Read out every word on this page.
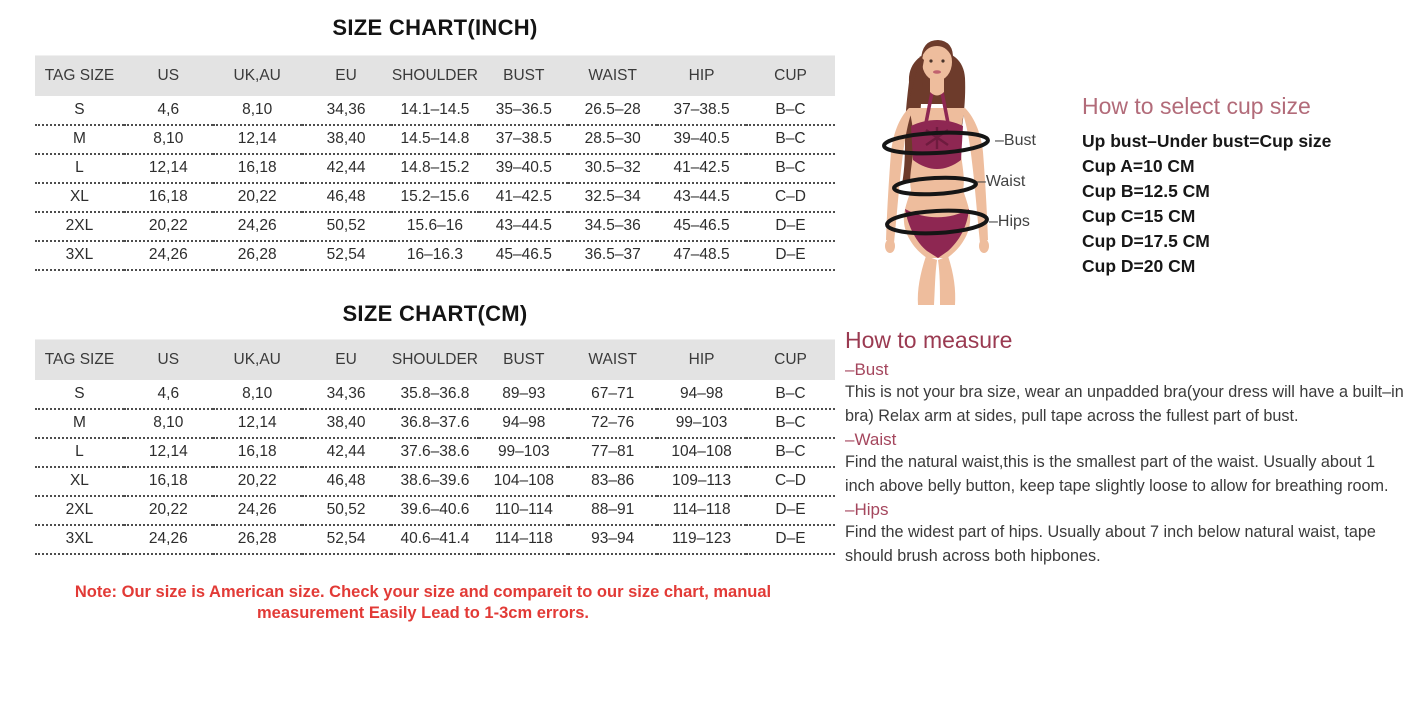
SIZE CHART(INCH)
TAG SIZE	US	UK,AU	EU	SHOULDER	BUST	WAIST	HIP	CUP
S	4,6	8,10	34,36	14.1–14.5	35–36.5	26.5–28	37–38.5	B–C
M	8,10	12,14	38,40	14.5–14.8	37–38.5	28.5–30	39–40.5	B–C
L	12,14	16,18	42,44	14.8–15.2	39–40.5	30.5–32	41–42.5	B–C
XL	16,18	20,22	46,48	15.2–15.6	41–42.5	32.5–34	43–44.5	C–D
2XL	20,22	24,26	50,52	15.6–16	43–44.5	34.5–36	45–46.5	D–E
3XL	24,26	26,28	52,54	16–16.3	45–46.5	36.5–37	47–48.5	D–E
SIZE CHART(CM)
TAG SIZE	US	UK,AU	EU	SHOULDER	BUST	WAIST	HIP	CUP
S	4,6	8,10	34,36	35.8–36.8	89–93	67–71	94–98	B–C
M	8,10	12,14	38,40	36.8–37.6	94–98	72–76	99–103	B–C
L	12,14	16,18	42,44	37.6–38.6	99–103	77–81	104–108	B–C
XL	16,18	20,22	46,48	38.6–39.6	104–108	83–86	109–113	C–D
2XL	20,22	24,26	50,52	39.6–40.6	110–114	88–91	114–118	D–E
3XL	24,26	26,28	52,54	40.6–41.4	114–118	93–94	119–123	D–E
Note: Our size is American size. Check your size and compareit to our size chart, manual
measurement Easily Lead to 1-3cm errors.
–Bust
–Waist
–Hips
How to select cup size
Up bust–Under bust=Cup size
Cup A=10 CM
Cup B=12.5 CM
Cup C=15 CM
Cup D=17.5 CM
Cup D=20 CM
How to measure
–Bust
This is not your bra size, wear an unpadded bra(your dress will have a built–in bra) Relax arm at sides, pull tape across the fullest part of bust.
–Waist
Find the natural waist,this is the smallest part of the waist. Usually about 1 inch above belly button, keep tape slightly loose to allow for breathing room.
–Hips
Find the widest part of hips. Usually about 7 inch below natural waist, tape should brush across both hipbones.
